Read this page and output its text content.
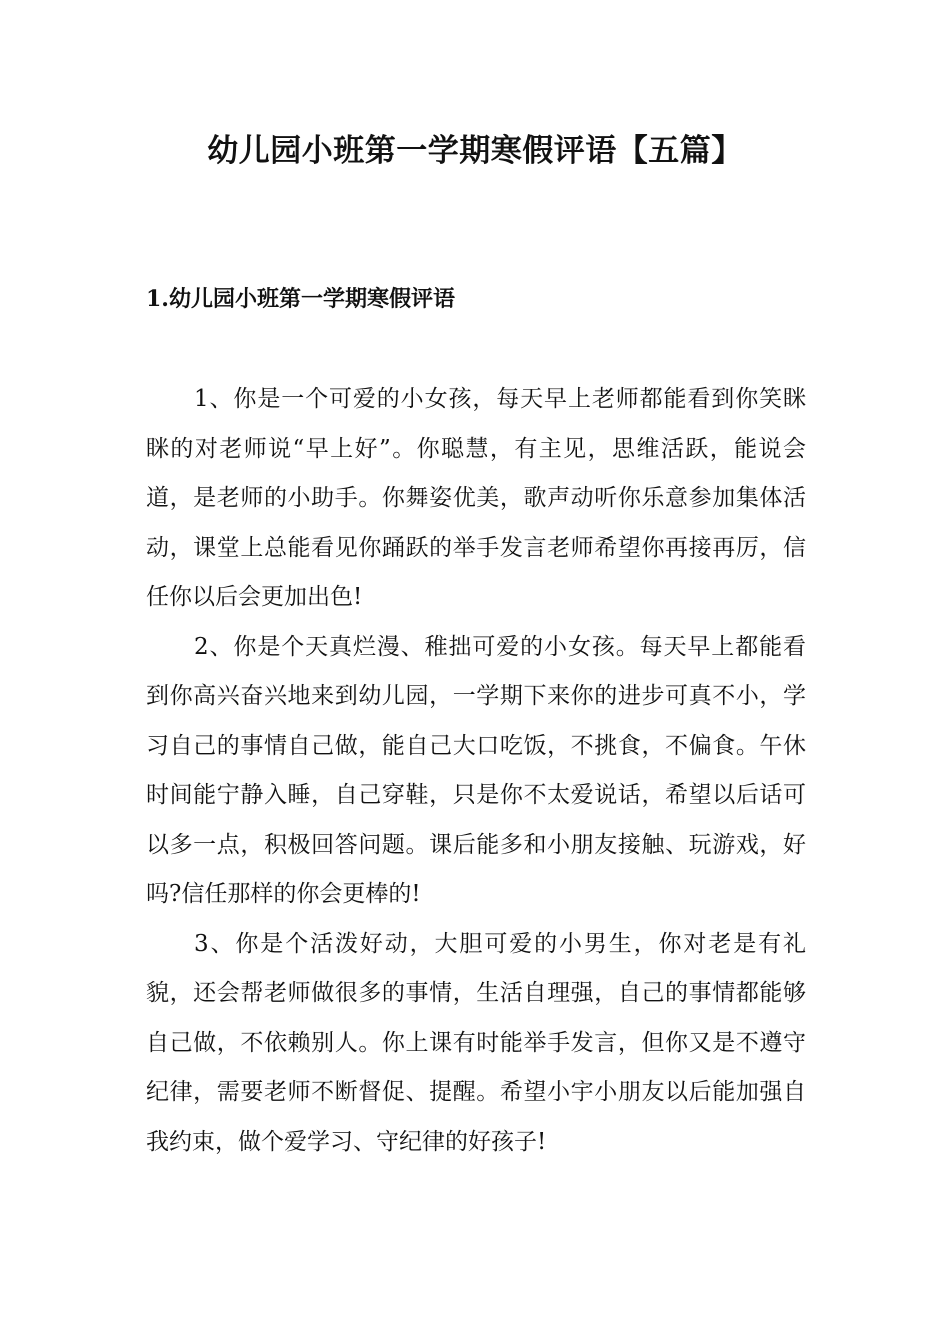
幼儿园小班第一学期寒假评语【五篇】
1.幼儿园小班第一学期寒假评语

1、你是一个可爱的小女孩，每天早上老师都能看到你笑眯眯的对老师说“早上好”。你聪慧，有主见，思维活跃，能说会道，是老师的小助手。你舞姿优美，歌声动听你乐意参加集体活动，课堂上总能看见你踊跃的举手发言老师希望你再接再厉，信任你以后会更加出色!

2、你是个天真烂漫、稚拙可爱的小女孩。每天早上都能看到你高兴奋兴地来到幼儿园，一学期下来你的进步可真不小，学习自己的事情自己做，能自己大口吃饭，不挑食，不偏食。午休时间能宁静入睡，自己穿鞋，只是你不太爱说话，希望以后话可以多一点，积极回答问题。课后能多和小朋友接触、玩游戏，好吗?信任那样的你会更棒的!

3、你是个活泼好动，大胆可爱的小男生，你对老是有礼貌，还会帮老师做很多的事情，生活自理强，自己的事情都能够自己做，不依赖别人。你上课有时能举手发言，但你又是不遵守纪律，需要老师不断督促、提醒。希望小宇小朋友以后能加强自我约束，做个爱学习、守纪律的好孩子!
